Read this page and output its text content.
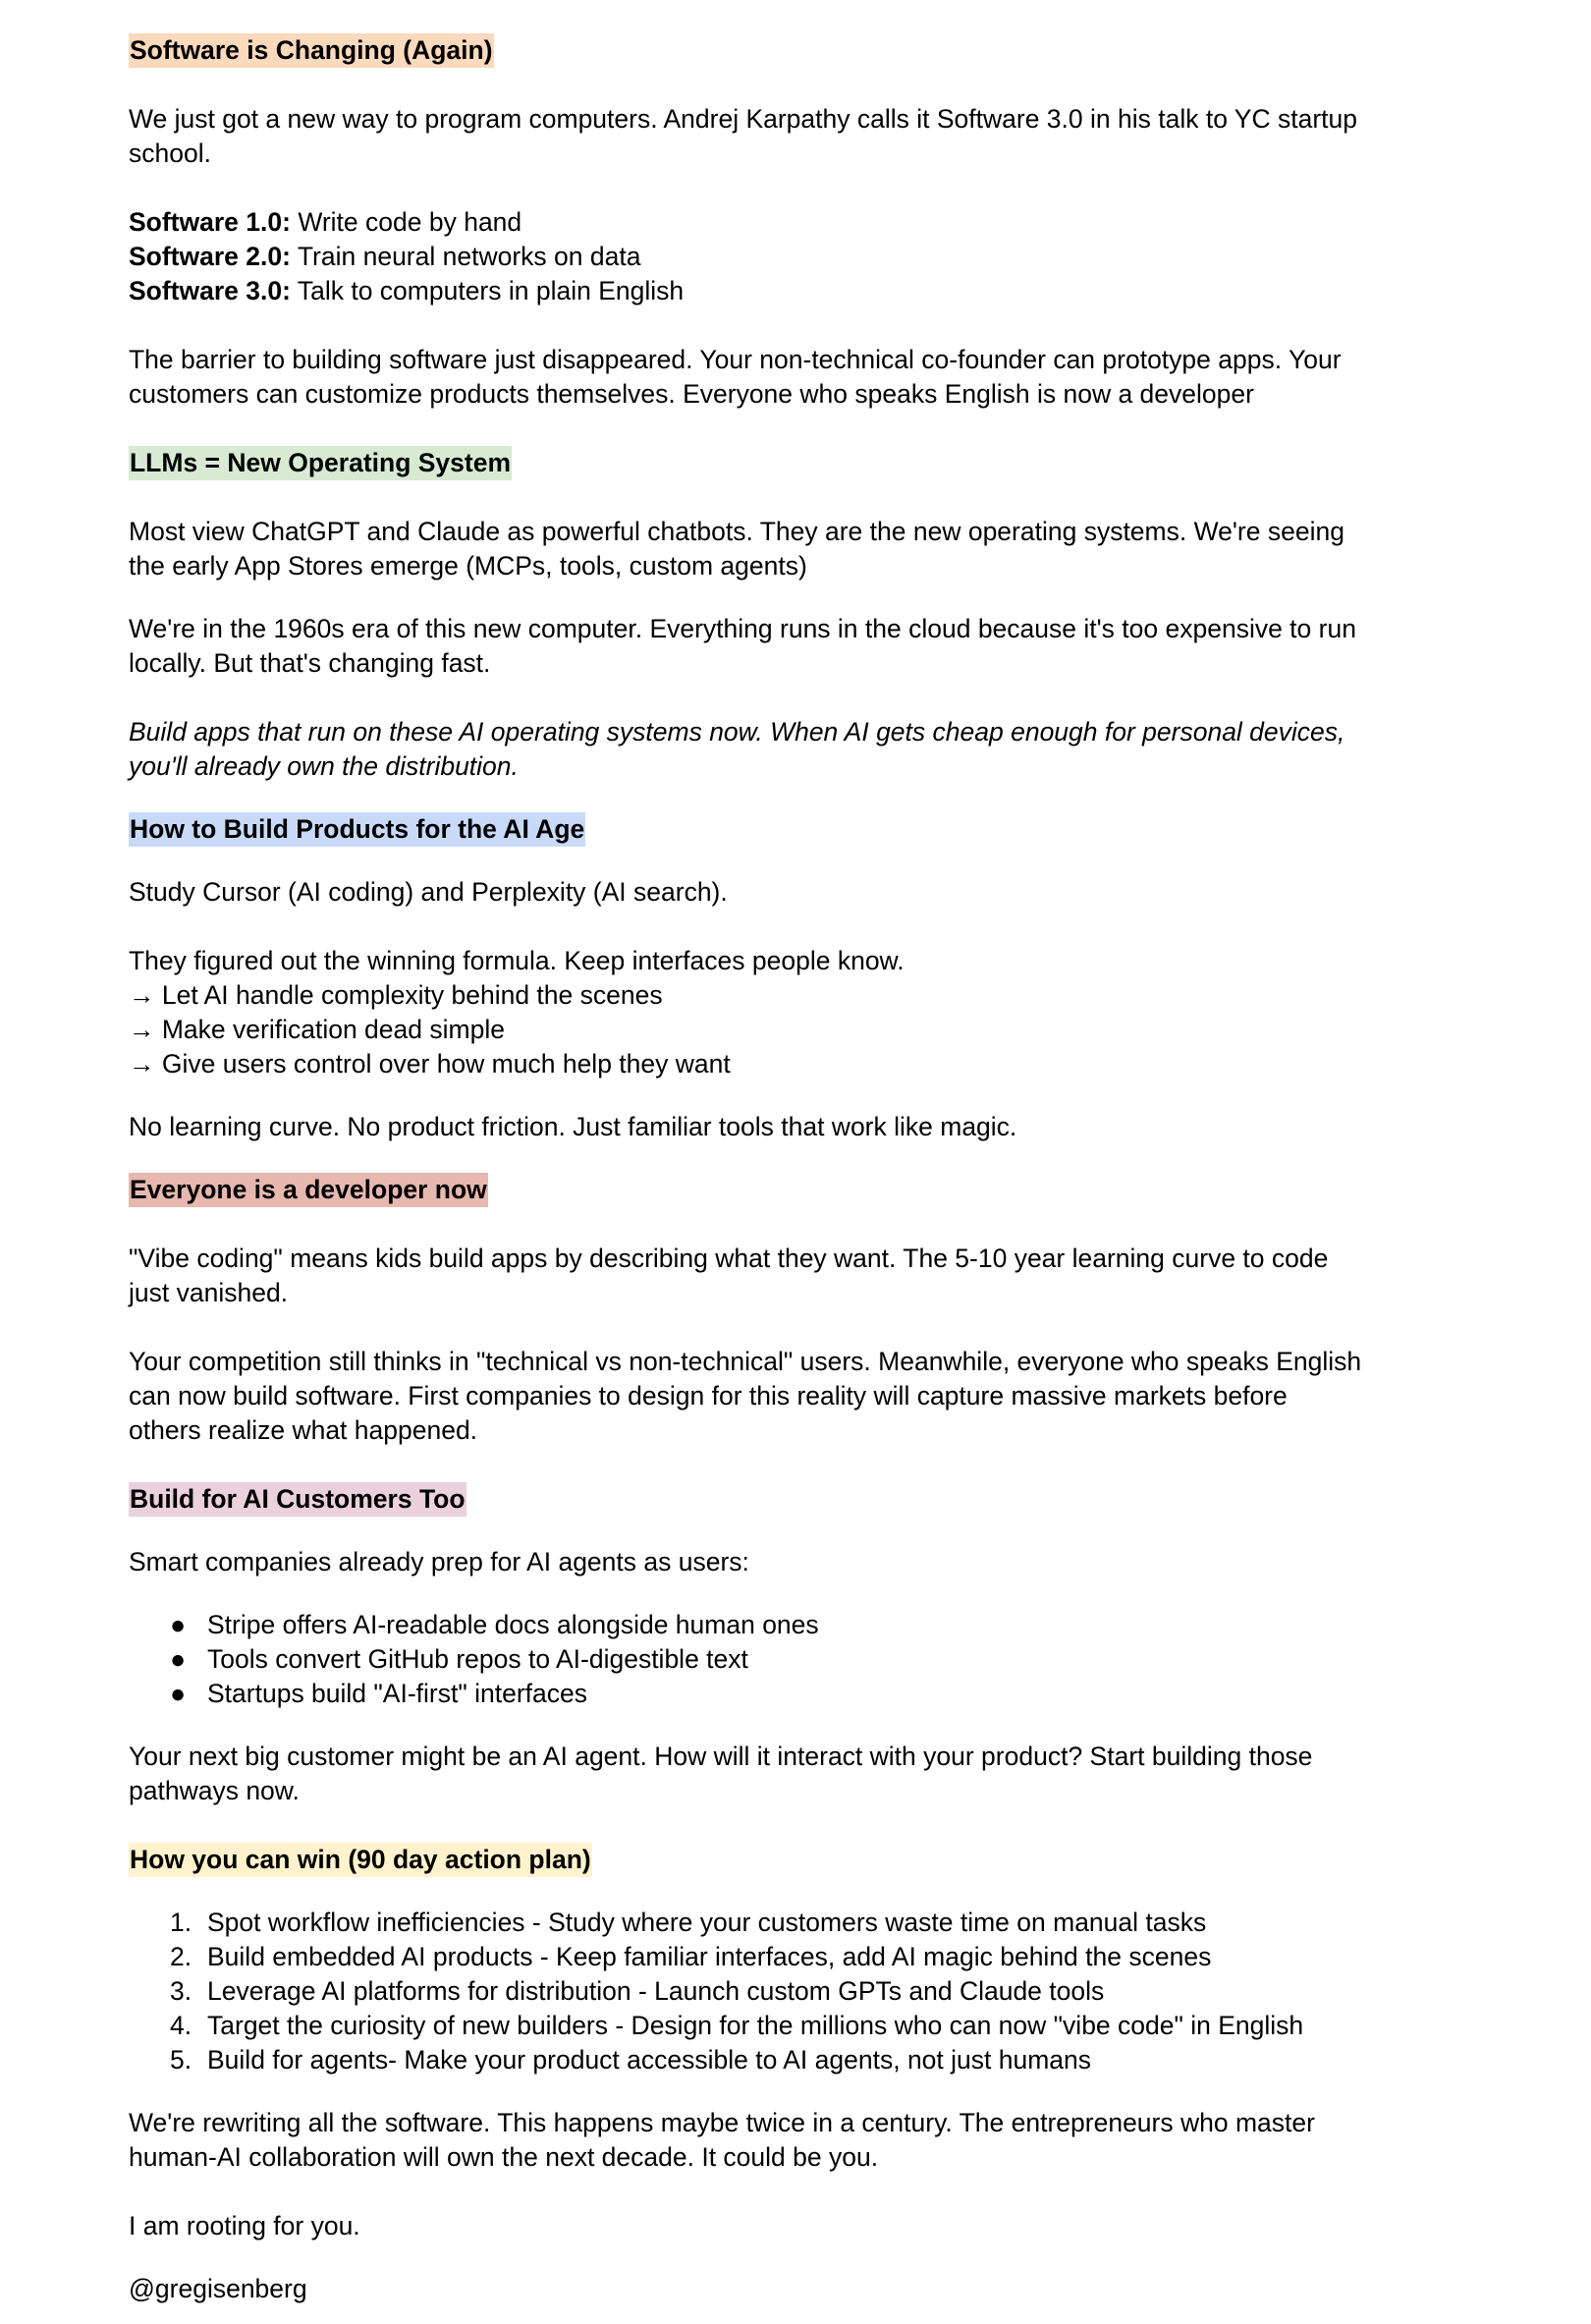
Software is Changing (Again)

We just got a new way to program computers. Andrej Karpathy calls it Software 3.0 in his talk to YC startup school.

Software 1.0: Write code by hand

Software 2.0: Train neural networks on data

Software 3.0: Talk to computers in plain English

The barrier to building software just disappeared. Your non-technical co-founder can prototype apps. Your customers can customize products themselves. Everyone who speaks English is now a developer

LLMs = New Operating System

Most view ChatGPT and Claude as powerful chatbots. They are the new operating systems. We're seeing the early App Stores emerge (MCPs, tools, custom agents)

We're in the 1960s era of this new computer. Everything runs in the cloud because it's too expensive to run locally. But that's changing fast.

Build apps that run on these AI operating systems now. When AI gets cheap enough for personal devices, you'll already own the distribution.

How to Build Products for the AI Age

Study Cursor (AI coding) and Perplexity (AI search).

They figured out the winning formula. Keep interfaces people know.

→ Let AI handle complexity behind the scenes

→ Make verification dead simple

→ Give users control over how much help they want

No learning curve. No product friction. Just familiar tools that work like magic.

Everyone is a developer now

"Vibe coding" means kids build apps by describing what they want. The 5-10 year learning curve to code just vanished.

Your competition still thinks in "technical vs non-technical" users. Meanwhile, everyone who speaks English can now build software. First companies to design for this reality will capture massive markets before others realize what happened.

Build for AI Customers Too

Smart companies already prep for AI agents as users:

● Stripe offers AI-readable docs alongside human ones
● Tools convert GitHub repos to AI-digestible text
● Startups build "AI-first" interfaces

Your next big customer might be an AI agent. How will it interact with your product? Start building those pathways now.

How you can win (90 day action plan)

1. Spot workflow inefficiencies - Study where your customers waste time on manual tasks
2. Build embedded AI products - Keep familiar interfaces, add AI magic behind the scenes
3. Leverage AI platforms for distribution - Launch custom GPTs and Claude tools
4. Target the curiosity of new builders - Design for the millions who can now "vibe code" in English
5. Build for agents- Make your product accessible to AI agents, not just humans

We're rewriting all the software. This happens maybe twice in a century. The entrepreneurs who master human-AI collaboration will own the next decade. It could be you.

I am rooting for you.

@gregisenberg
